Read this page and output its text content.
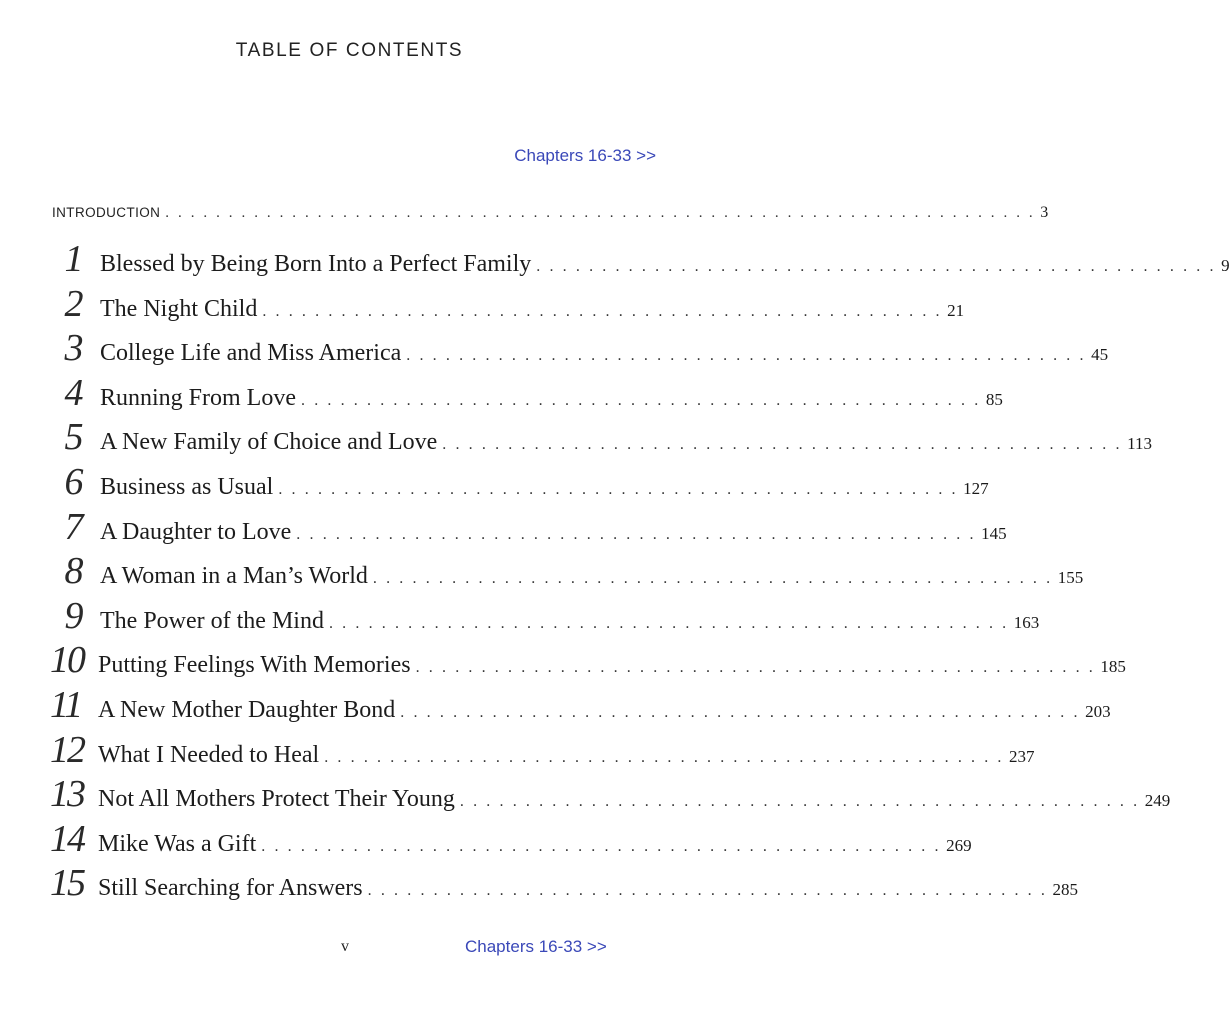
TABLE OF CONTENTS
Chapters 16-33 >>
INTRODUCTION . . . . . . . . . . . . . . . . . . . . . . . . . . . . . . . . . . . . . . . . . . . . . . . . . . . . . . . . . . . . . . . . . . . . . 3
1 Blessed by Being Born Into a Perfect Family . . . . . . . . . . . . . . . . . . . . . . . . . . . . . . . . . . . . . . . . . . . . . . . . . . . . 9
2 The Night Child . . . . . . . . . . . . . . . . . . . . . . . . . . . . . . . . . . . . . . . . . . . . . . . . . . . . 21
3 College Life and Miss America . . . . . . . . . . . . . . . . . . . . . . . . . . . . . . . . . . . . . . . . . . . . . . . . . . . . 45
4 Running From Love . . . . . . . . . . . . . . . . . . . . . . . . . . . . . . . . . . . . . . . . . . . . . . . . . . . . 85
5 A New Family of Choice and Love . . . . . . . . . . . . . . . . . . . . . . . . . . . . . . . . . . . . . . . . . . . . . . . . . . . . 113
6 Business as Usual . . . . . . . . . . . . . . . . . . . . . . . . . . . . . . . . . . . . . . . . . . . . . . . . . . . . 127
7 A Daughter to Love . . . . . . . . . . . . . . . . . . . . . . . . . . . . . . . . . . . . . . . . . . . . . . . . . . . . 145
8 A Woman in a Man’s World . . . . . . . . . . . . . . . . . . . . . . . . . . . . . . . . . . . . . . . . . . . . . . . . . . . . 155
9 The Power of the Mind . . . . . . . . . . . . . . . . . . . . . . . . . . . . . . . . . . . . . . . . . . . . . . . . . . . . 163
10 Putting Feelings With Memories . . . . . . . . . . . . . . . . . . . . . . . . . . . . . . . . . . . . . . . . . . . . . . . . . . . . 185
11 A New Mother Daughter Bond . . . . . . . . . . . . . . . . . . . . . . . . . . . . . . . . . . . . . . . . . . . . . . . . . . . . 203
12 What I Needed to Heal . . . . . . . . . . . . . . . . . . . . . . . . . . . . . . . . . . . . . . . . . . . . . . . . . . . . 237
13 Not All Mothers Protect Their Young . . . . . . . . . . . . . . . . . . . . . . . . . . . . . . . . . . . . . . . . . . . . . . . . . . . . 249
14 Mike Was a Gift . . . . . . . . . . . . . . . . . . . . . . . . . . . . . . . . . . . . . . . . . . . . . . . . . . . . 269
15 Still Searching for Answers . . . . . . . . . . . . . . . . . . . . . . . . . . . . . . . . . . . . . . . . . . . . . . . . . . . . 285
v	Chapters 16-33 >>
